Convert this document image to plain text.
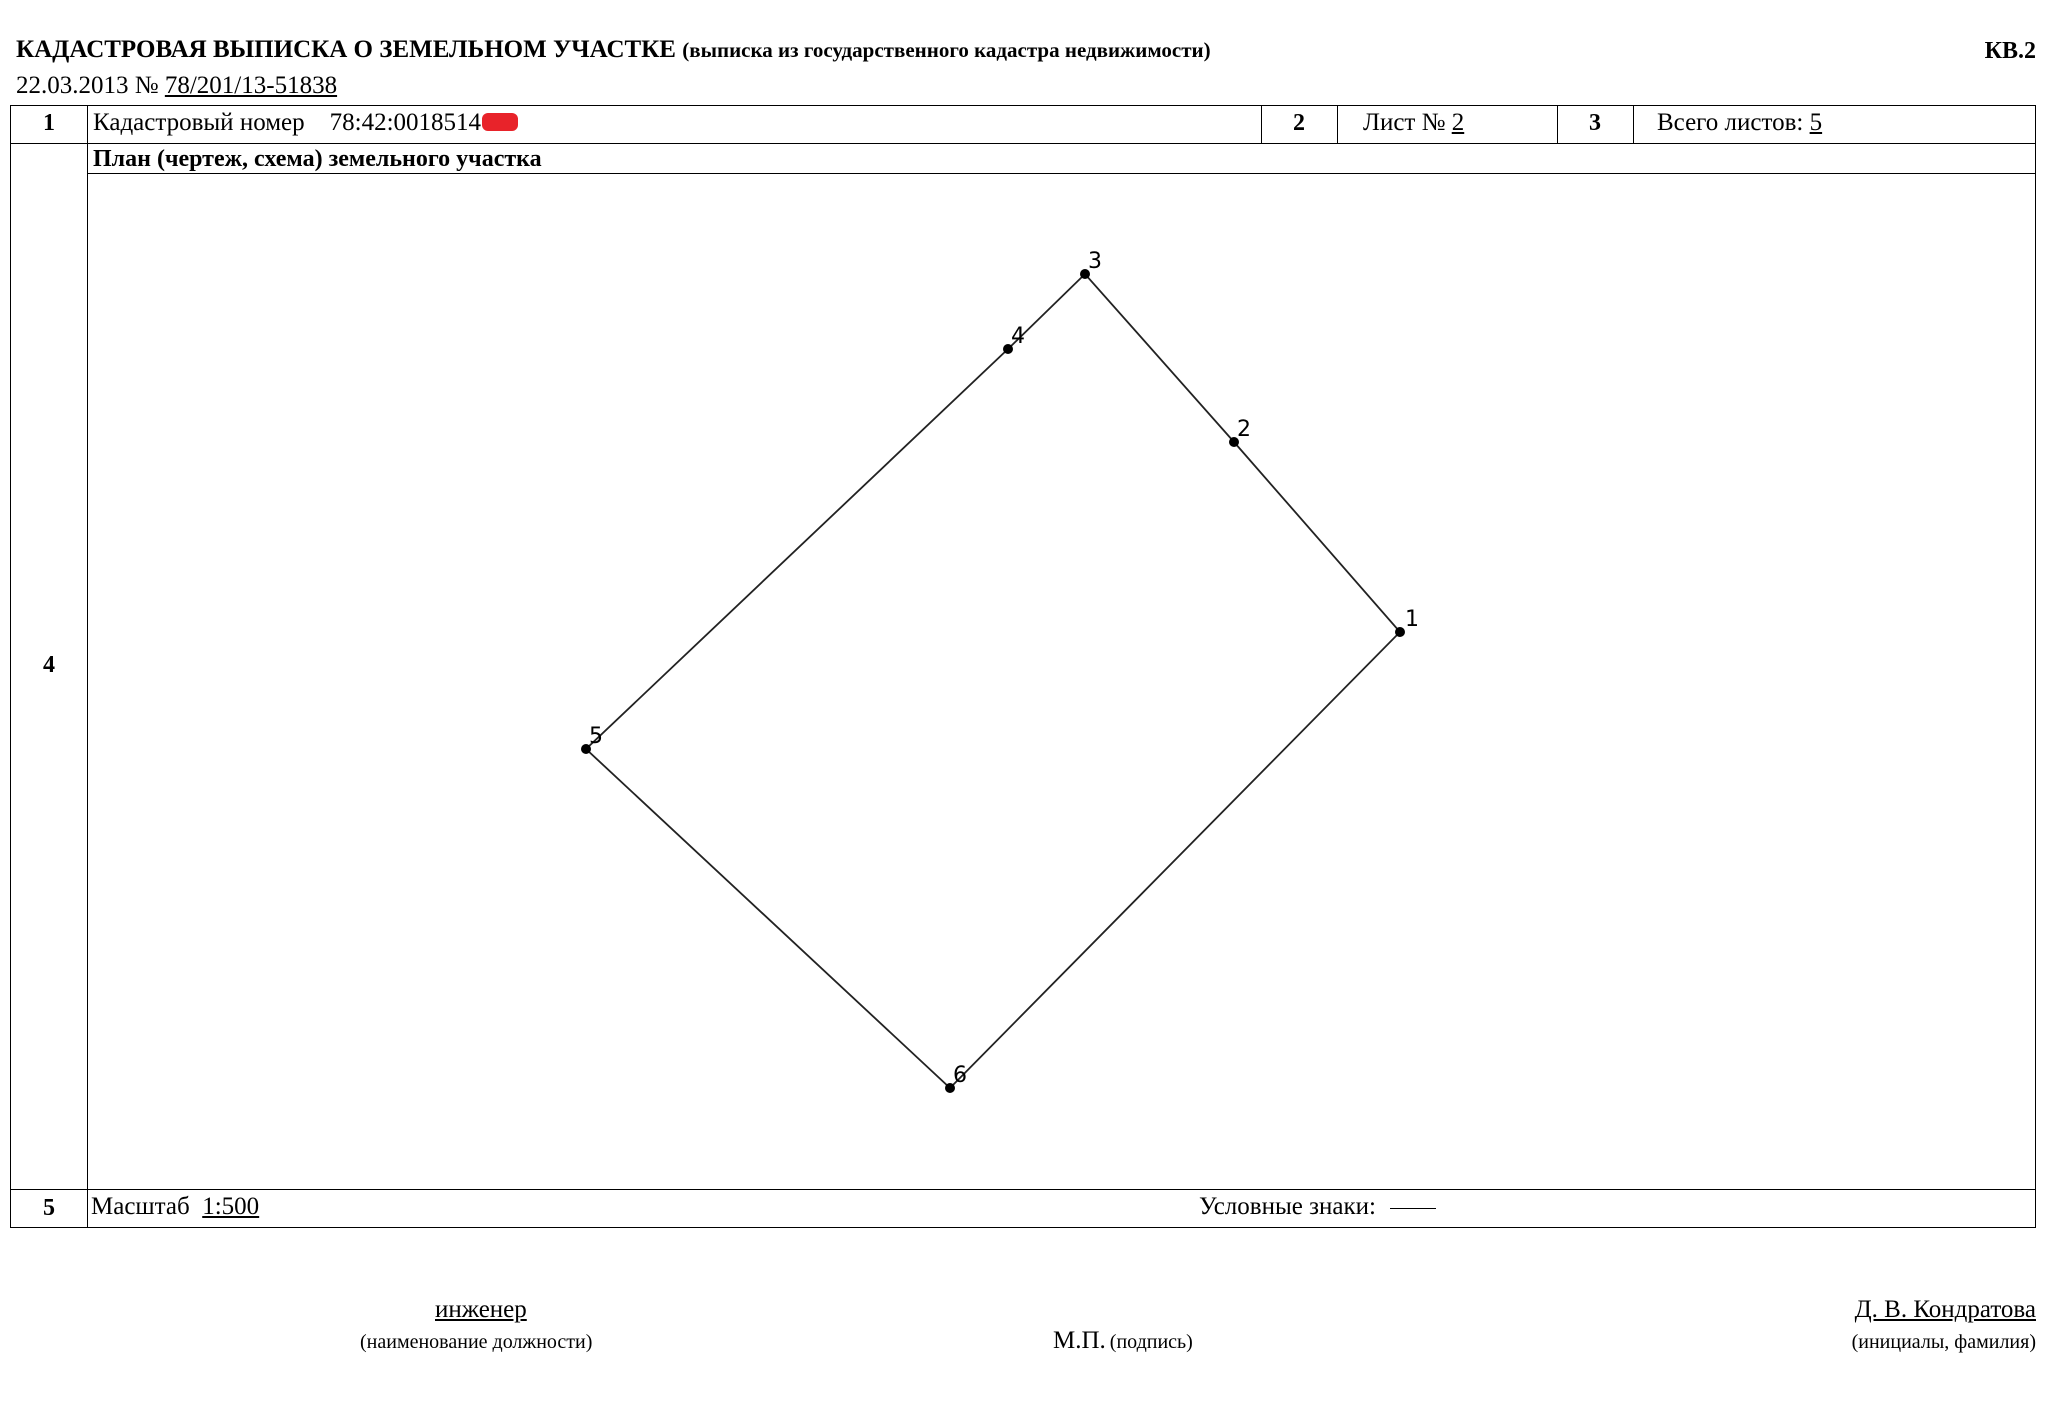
КАДАСТРОВАЯ ВЫПИСКА О ЗЕМЕЛЬНОМ УЧАСТКЕ (выписка из государственного кадастра недвижимости)	КВ.2
22.03.2013 № 78/201/13-51838
1	Кадастровый номер 78:42:0018514	2	Лист № 2	3	Всего листов: 5
4
План (чертеж, схема) земельного участка
1
2
3
4
5
6
5	Масштаб 1:500	Условные знаки:
инженер
(наименование должности)	М.П. (подпись)
Д. В. Кондратова
(инициалы, фамилия)
